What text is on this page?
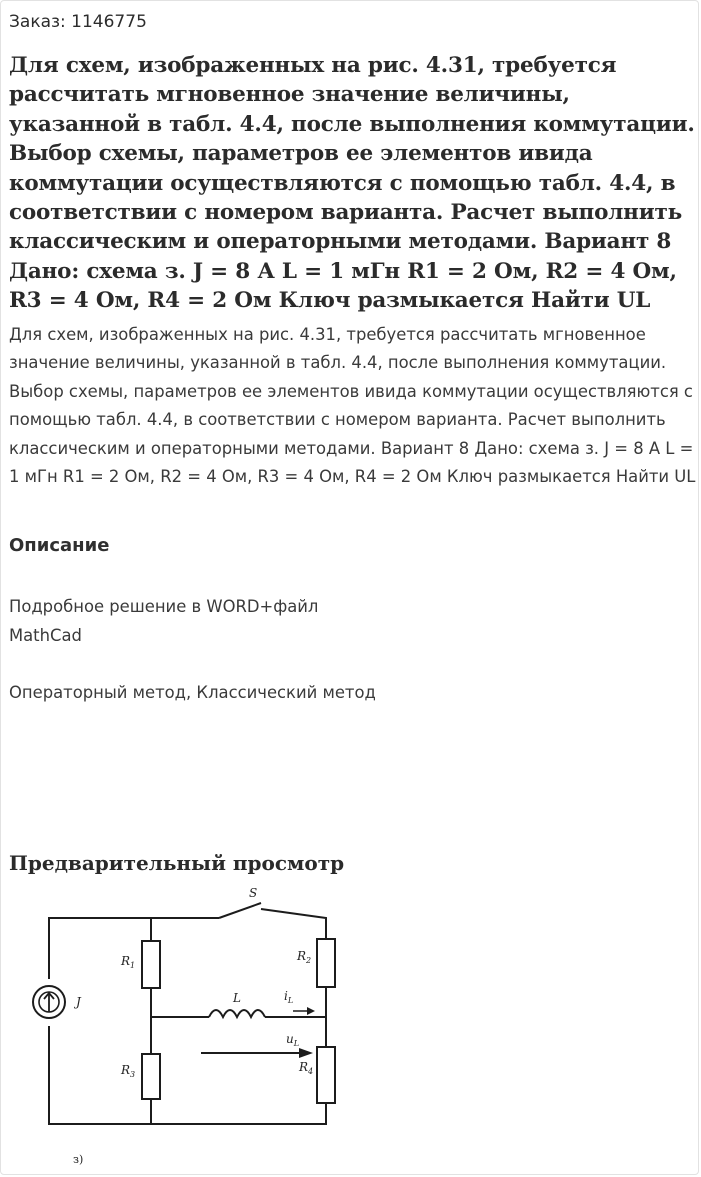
Заказ: 1146775
Для схем, изображенных на рис. 4.31, требуется рассчитать мгновенное значение величины, указанной в табл. 4.4, после выполнения коммутации. Выбор схемы, параметров ее элементов ивида коммутации осуществляются с помощью табл. 4.4, в соответствии с номером варианта. Расчет выполнить классическим и операторными методами. Вариант 8 Дано: схема з. J = 8 А L = 1 мГн R1 = 2 Ом, R2 = 4 Ом, R3 = 4 Ом, R4 = 2 Ом Ключ размыкается Найти UL
Для схем, изображенных на рис. 4.31, требуется рассчитать мгновенное значение величины, указанной в табл. 4.4, после выполнения коммутации. Выбор схемы, параметров ее элементов ивида коммутации осуществляются с помощью табл. 4.4, в соответствии с номером варианта. Расчет выполнить классическим и операторными методами. Вариант 8 Дано: схема з. J = 8 А L = 1 мГн R1 = 2 Ом, R2 = 4 Ом, R3 = 4 Ом, R4 = 2 Ом Ключ размыкается Найти UL
Описание
Подробное решение в WORD+файл
MathCad
Операторный метод, Классический метод
Предварительный просмотр
S
J
$R_1$
$R_2$
$R_3$
$R_4$
L	$i_L$
$u_L$
з)
